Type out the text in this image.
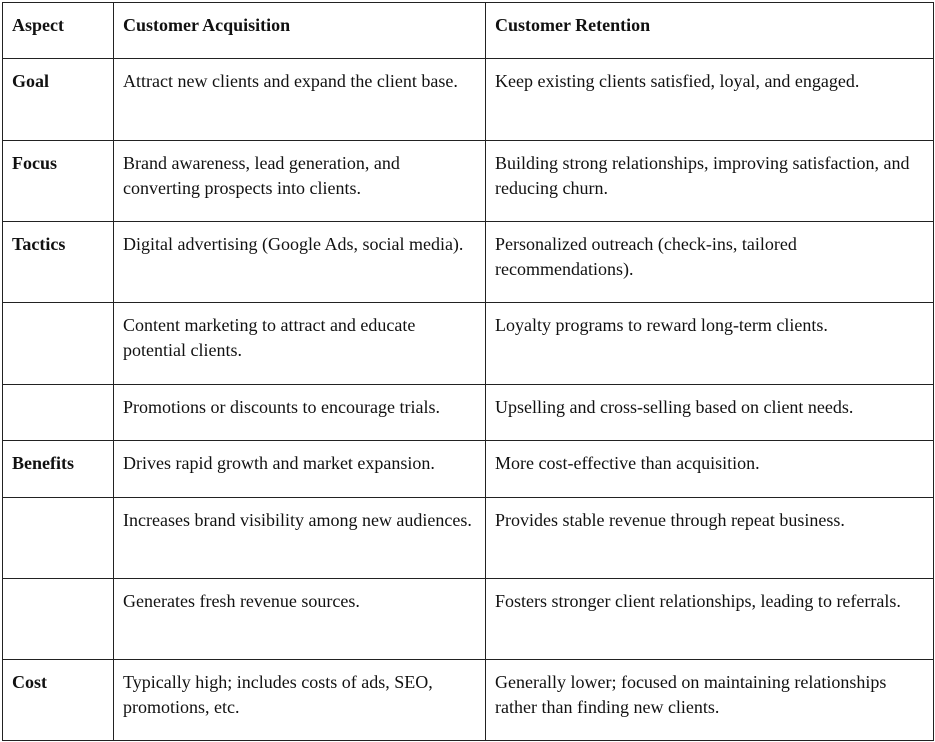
Aspect	Customer Acquisition	Customer Retention
Goal	Attract new clients and expand the client base.	Keep existing clients satisfied, loyal, and engaged.
Focus	Brand awareness, lead generation, and converting prospects into clients.	Building strong relationships, improving satisfaction, and reducing churn.
Tactics	Digital advertising (Google Ads, social media).	Personalized outreach (check-ins, tailored recommendations).
	Content marketing to attract and educate potential clients.	Loyalty programs to reward long-term clients.
	Promotions or discounts to encourage trials.	Upselling and cross-selling based on client needs.
Benefits	Drives rapid growth and market expansion.	More cost-effective than acquisition.
	Increases brand visibility among new audiences.	Provides stable revenue through repeat business.
	Generates fresh revenue sources.	Fosters stronger client relationships, leading to referrals.
Cost	Typically high; includes costs of ads, SEO, promotions, etc.	Generally lower; focused on maintaining relationships rather than finding new clients.
